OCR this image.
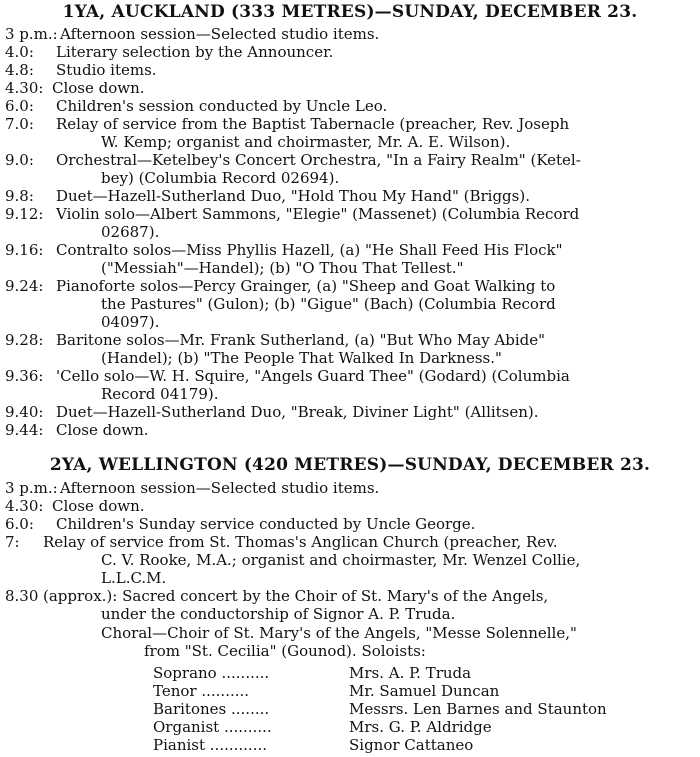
1YA, AUCKLAND (333 METRES)—SUNDAY, DECEMBER 23.
3 p.m.: Afternoon session—Selected studio items.
4.0: Literary selection by the Announcer.
4.8: Studio items.
4.30: Close down.
6.0: Children's session conducted by Uncle Leo.
7.0: Relay of service from the Baptist Tabernacle (preacher, Rev. Joseph
W. Kemp; organist and choirmaster, Mr. A. E. Wilson).
9.0: Orchestral—Ketelbey's Concert Orchestra, "In a Fairy Realm" (Ketel-
bey) (Columbia Record 02694).
9.8: Duet—Hazell-Sutherland Duo, "Hold Thou My Hand" (Briggs).
9.12: Violin solo—Albert Sammons, "Elegie" (Massenet) (Columbia Record
02687).
9.16: Contralto solos—Miss Phyllis Hazell, (a) "He Shall Feed His Flock"
("Messiah"—Handel); (b) "O Thou That Tellest."
9.24: Pianoforte solos—Percy Grainger, (a) "Sheep and Goat Walking to
the Pastures" (Gulon); (b) "Gigue" (Bach) (Columbia Record
04097).
9.28: Baritone solos—Mr. Frank Sutherland, (a) "But Who May Abide"
(Handel); (b) "The People That Walked In Darkness."
9.36: 'Cello solo—W. H. Squire, "Angels Guard Thee" (Godard) (Columbia
Record 04179).
9.40: Duet—Hazell-Sutherland Duo, "Break, Diviner Light" (Allitsen).
9.44: Close down.
2YA, WELLINGTON (420 METRES)—SUNDAY, DECEMBER 23.
3 p.m.: Afternoon session—Selected studio items.
4.30: Close down.
6.0: Children's Sunday service conducted by Uncle George.
7: Relay of service from St. Thomas's Anglican Church (preacher, Rev.
C. V. Rooke, M.A.; organist and choirmaster, Mr. Wenzel Collie,
L.L.C.M.
8.30 (approx.): Sacred concert by the Choir of St. Mary's of the Angels,
under the conductorship of Signor A. P. Truda.
Choral—Choir of St. Mary's of the Angels, "Messe Solennelle,"
from "St. Cecilia" (Gounod). Soloists:
Soprano ..........	Mrs. A. P. Truda
Tenor ..........	Mr. Samuel Duncan
Baritones ........	Messrs. Len Barnes and Staunton
Organist ..........	Mrs. G. P. Aldridge
Pianist ............	Signor Cattaneo
